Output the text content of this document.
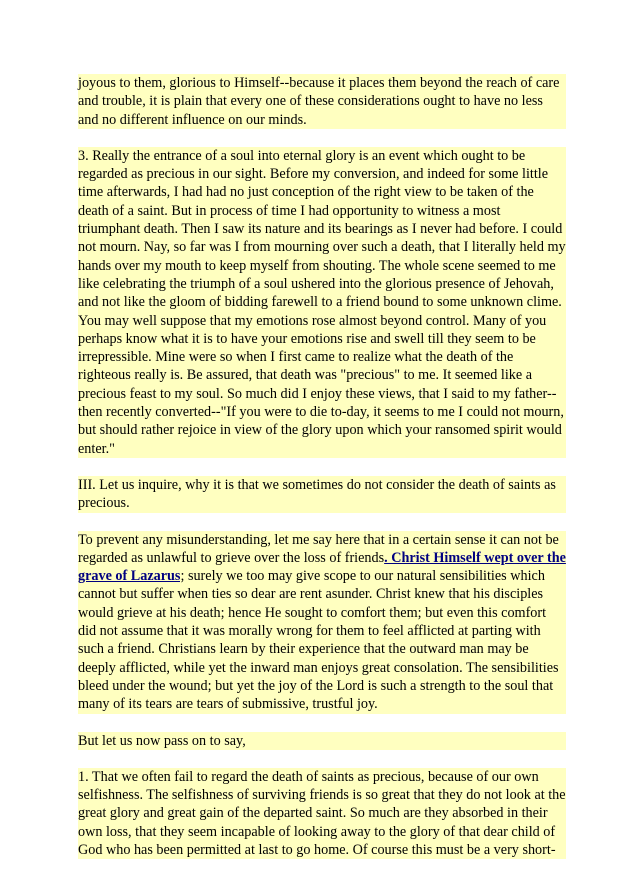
joyous to them, glorious to Himself--because it places them beyond the reach of care and trouble, it is plain that every one of these considerations ought to have no less and no different influence on our minds.

3. Really the entrance of a soul into eternal glory is an event which ought to be regarded as precious in our sight. Before my conversion, and indeed for some little time afterwards, I had had no just conception of the right view to be taken of the death of a saint. But in process of time I had opportunity to witness a most triumphant death. Then I saw its nature and its bearings as I never had before. I could not mourn. Nay, so far was I from mourning over such a death, that I literally held my hands over my mouth to keep myself from shouting. The whole scene seemed to me like celebrating the triumph of a soul ushered into the glorious presence of Jehovah, and not like the gloom of bidding farewell to a friend bound to some unknown clime. You may well suppose that my emotions rose almost beyond control. Many of you perhaps know what it is to have your emotions rise and swell till they seem to be irrepressible. Mine were so when I first came to realize what the death of the righteous really is. Be assured, that death was "precious" to me. It seemed like a precious feast to my soul. So much did I enjoy these views, that I said to my father--then recently converted--"If you were to die to-day, it seems to me I could not mourn, but should rather rejoice in view of the glory upon which your ransomed spirit would enter."

III. Let us inquire, why it is that we sometimes do not consider the death of saints as precious.

To prevent any misunderstanding, let me say here that in a certain sense it can not be regarded as unlawful to grieve over the loss of friends. Christ Himself wept over the grave of Lazarus; surely we too may give scope to our natural sensibilities which cannot but suffer when ties so dear are rent asunder. Christ knew that his disciples would grieve at his death; hence He sought to comfort them; but even this comfort did not assume that it was morally wrong for them to feel afflicted at parting with such a friend. Christians learn by their experience that the outward man may be deeply afflicted, while yet the inward man enjoys great consolation. The sensibilities bleed under the wound; but yet the joy of the Lord is such a strength to the soul that many of its tears are tears of submissive, trustful joy.

But let us now pass on to say,

1. That we often fail to regard the death of saints as precious, because of our own selfishness. The selfishness of surviving friends is so great that they do not look at the great glory and great gain of the departed saint. So much are they absorbed in their own loss, that they seem incapable of looking away to the glory of that dear child of God who has been permitted at last to go home. Of course this must be a very short-
